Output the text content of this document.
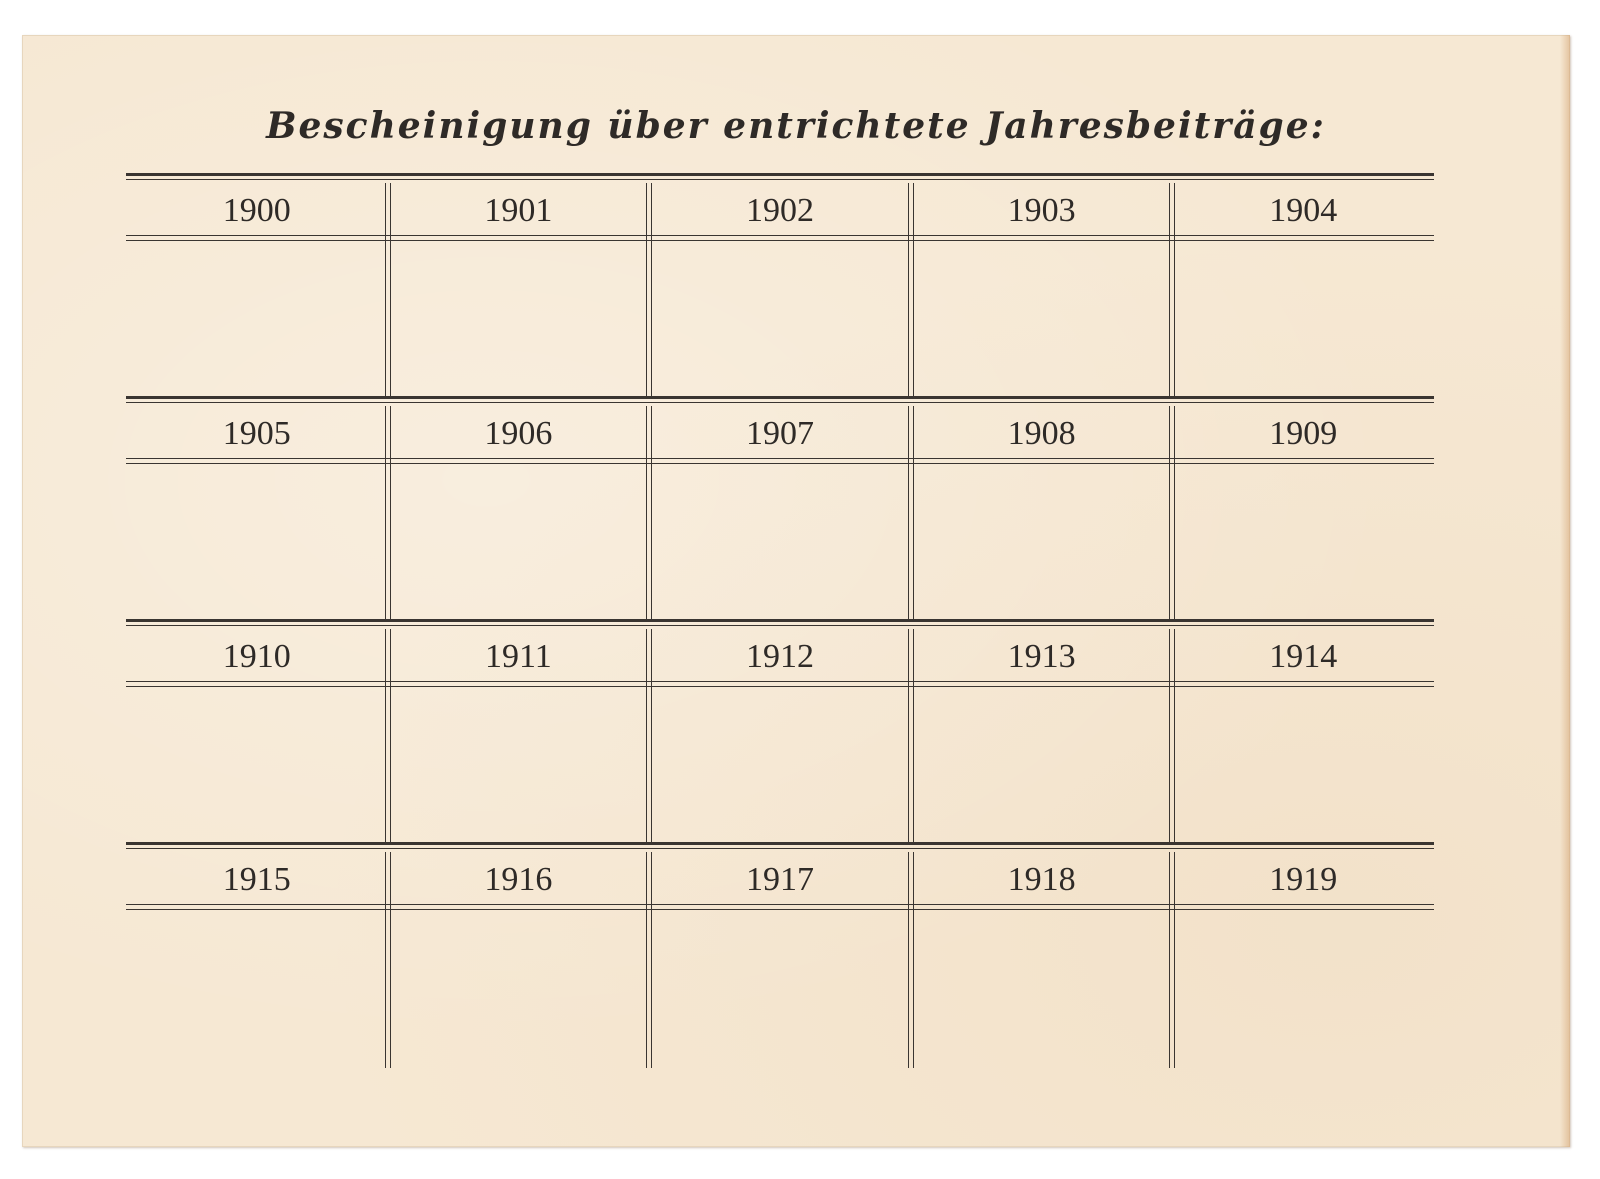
Bescheinigung über entrichtete Jahresbeiträge:
1900	1901	1902	1903	1904
1905	1906	1907	1908	1909
1910	1911	1912	1913	1914
1915	1916	1917	1918	1919
